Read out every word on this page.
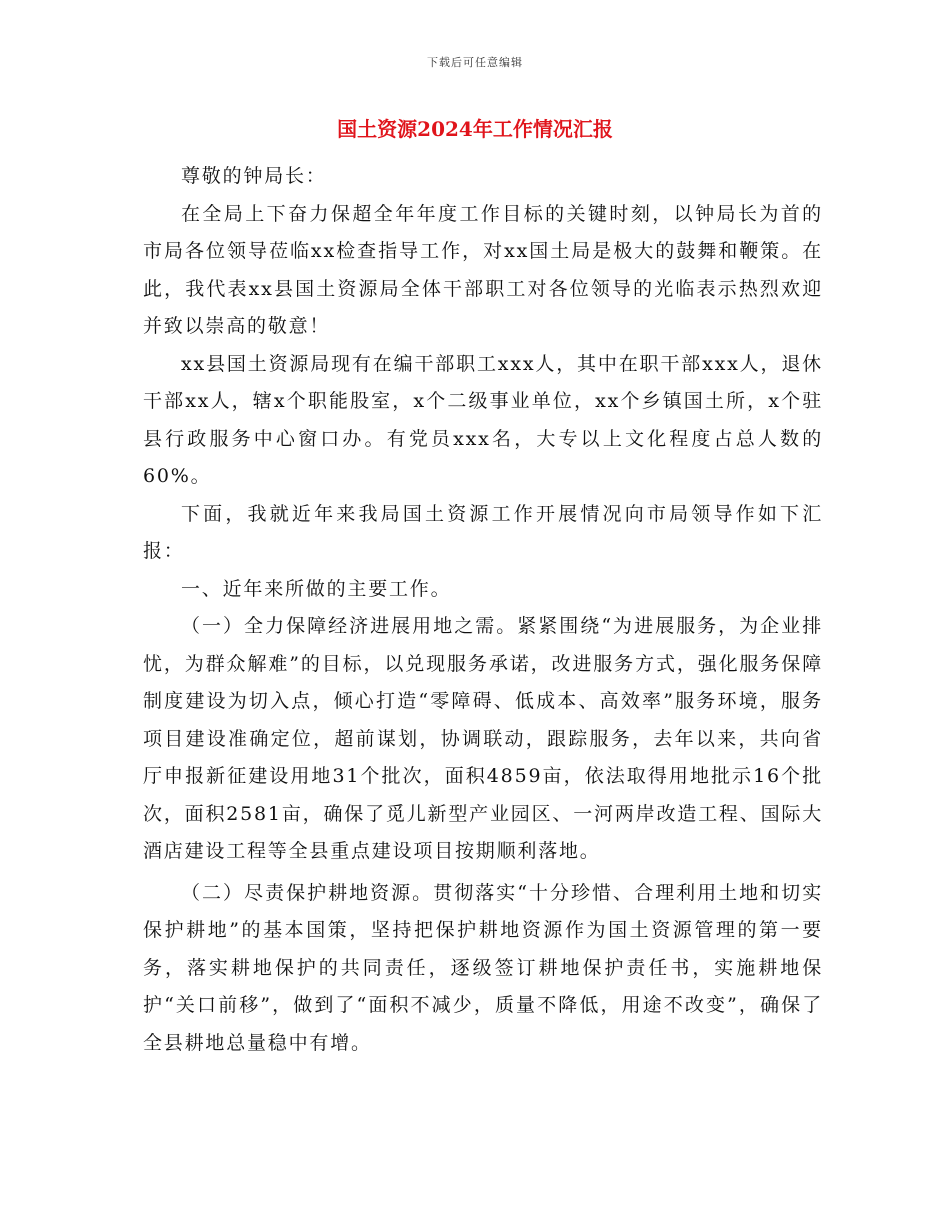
下载后可任意编辑
国土资源2024年工作情况汇报

尊敬的钟局长：

在全局上下奋力保超全年年度工作目标的关键时刻，以钟局长为首的市局各位领导莅临xx检查指导工作，对xx国土局是极大的鼓舞和鞭策。在此，我代表xx县国土资源局全体干部职工对各位领导的光临表示热烈欢迎并致以崇高的敬意！

xx县国土资源局现有在编干部职工xxx人，其中在职干部xxx人，退休干部xx人，辖x个职能股室，x个二级事业单位，xx个乡镇国土所，x个驻县行政服务中心窗口办。有党员xxx名，大专以上文化程度占总人数的60%。

下面，我就近年来我局国土资源工作开展情况向市局领导作如下汇报：

一、近年来所做的主要工作。

（一）全力保障经济进展用地之需。紧紧围绕“为进展服务，为企业排忧，为群众解难”的目标，以兑现服务承诺，改进服务方式，强化服务保障制度建设为切入点，倾心打造“零障碍、低成本、高效率”服务环境，服务项目建设准确定位，超前谋划，协调联动，跟踪服务，去年以来，共向省厅申报新征建设用地31个批次，面积4859亩，依法取得用地批示16个批次，面积2581亩，确保了觅儿新型产业园区、一河两岸改造工程、国际大酒店建设工程等全县重点建设项目按期顺利落地。

（二）尽责保护耕地资源。贯彻落实“十分珍惜、合理利用土地和切实保护耕地”的基本国策，坚持把保护耕地资源作为国土资源管理的第一要务，落实耕地保护的共同责任，逐级签订耕地保护责任书，实施耕地保护“关口前移”，做到了“面积不减少，质量不降低，用途不改变”，确保了全县耕地总量稳中有增。
